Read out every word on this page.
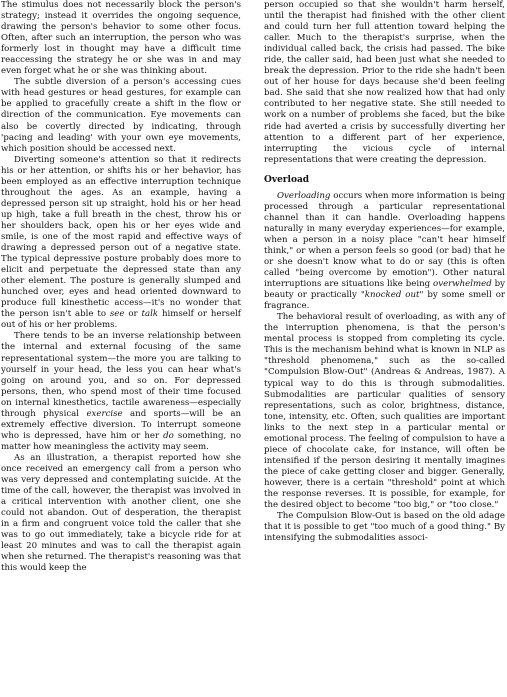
The stimulus does not necessarily block the person's strategy; instead it overrides the ongoing sequence, drawing the person's behavior to some other focus. Often, after such an interruption, the person who was formerly lost in thought may have a difficult time reaccessing the strategy he or she was in and may even forget what he or she was thinking about.

The subtle diversion of a person's accessing cues with head gestures or head gestures, for example can be applied to gracefully create a shift in the flow or direction of the communication. Eye movements can also be covertly directed by indicating, through 'pacing and leading' with your own eye movements, which position should be accessed next.

Diverting someone's attention so that it redirects his or her attention, or shifts his or her behavior, has been employed as an effective interruption technique throughout the ages. As an example, having a depressed person sit up straight, hold his or her head up high, take a full breath in the chest, throw his or her shoulders back, open his or her eyes wide and smile, is one of the most rapid and effective ways of drawing a depressed person out of a negative state. The typical depressive posture probably does more to elicit and perpetuate the depressed state than any other element. The posture is generally slumped and hunched over, eyes and head oriented downward to produce full kinesthetic access—it's no wonder that the person isn't able to see or talk himself or herself out of his or her problems.

There tends to be an inverse relationship between the internal and external focusing of the same representational system—the more you are talking to yourself in your head, the less you can hear what's going on around you, and so on. For depressed persons, then, who spend most of their time focused on internal kinesthetics, tactile awareness—especially through physical exercise and sports—will be an extremely effective diversion. To interrupt someone who is depressed, have him or her do something, no matter how meaningless the activity may seem.

As an illustration, a therapist reported how she once received an emergency call from a person who was very depressed and contemplating suicide. At the time of the call, however, the therapist was involved in a critical intervention with another client, one she could not abandon. Out of desperation, the therapist in a firm and congruent voice told the caller that she was to go out immediately, take a bicycle ride for at least 20 minutes and was to call the therapist again when she returned. The therapist's reasoning was that this would keep the

person occupied so that she wouldn't harm herself, until the therapist had finished with the other client and could turn her full attention toward helping the caller. Much to the therapist's surprise, when the individual called back, the crisis had passed. The bike ride, the caller said, had been just what she needed to break the depression. Prior to the ride she hadn't been out of her house for days because she'd been feeling bad. She said that she now realized how that had only contributed to her negative state. She still needed to work on a number of problems she faced, but the bike ride had averted a crisis by successfully diverting her attention to a different part of her experience, interrupting the vicious cycle of internal representations that were creating the depression.

Overload

Overloading occurs when more information is being processed through a particular representational channel than it can handle. Overloading happens naturally in many everyday experiences—for example, when a person in a noisy place "can't hear himself think," or when a person feels so good (or bad) that he or she doesn't know what to do or say (this is often called "being overcome by emotion"). Other natural interruptions are situations like being overwhelmed by beauty or practically "knocked out" by some smell or fragrance.

The behavioral result of overloading, as with any of the interruption phenomena, is that the person's mental process is stopped from completing its cycle. This is the mechanism behind what is known in NLP as "threshold phenomena," such as the so-called "Compulsion Blow-Out" (Andreas & Andreas, 1987). A typical way to do this is through submodalities. Submodalities are particular qualities of sensory representations, such as color, brightness, distance, tone, intensity, etc. Often, such qualities are important links to the next step in a particular mental or emotional process. The feeling of compulsion to have a piece of chocolate cake, for instance, will often be intensified if the person desiring it mentally imagines the piece of cake getting closer and bigger. Generally, however, there is a certain "threshold" point at which the response reverses. It is possible, for example, for the desired object to become "too big," or "too close."

The Compulsion Blow-Out is based on the old adage that it is possible to get "too much of a good thing." By intensifying the submodalities associ-
